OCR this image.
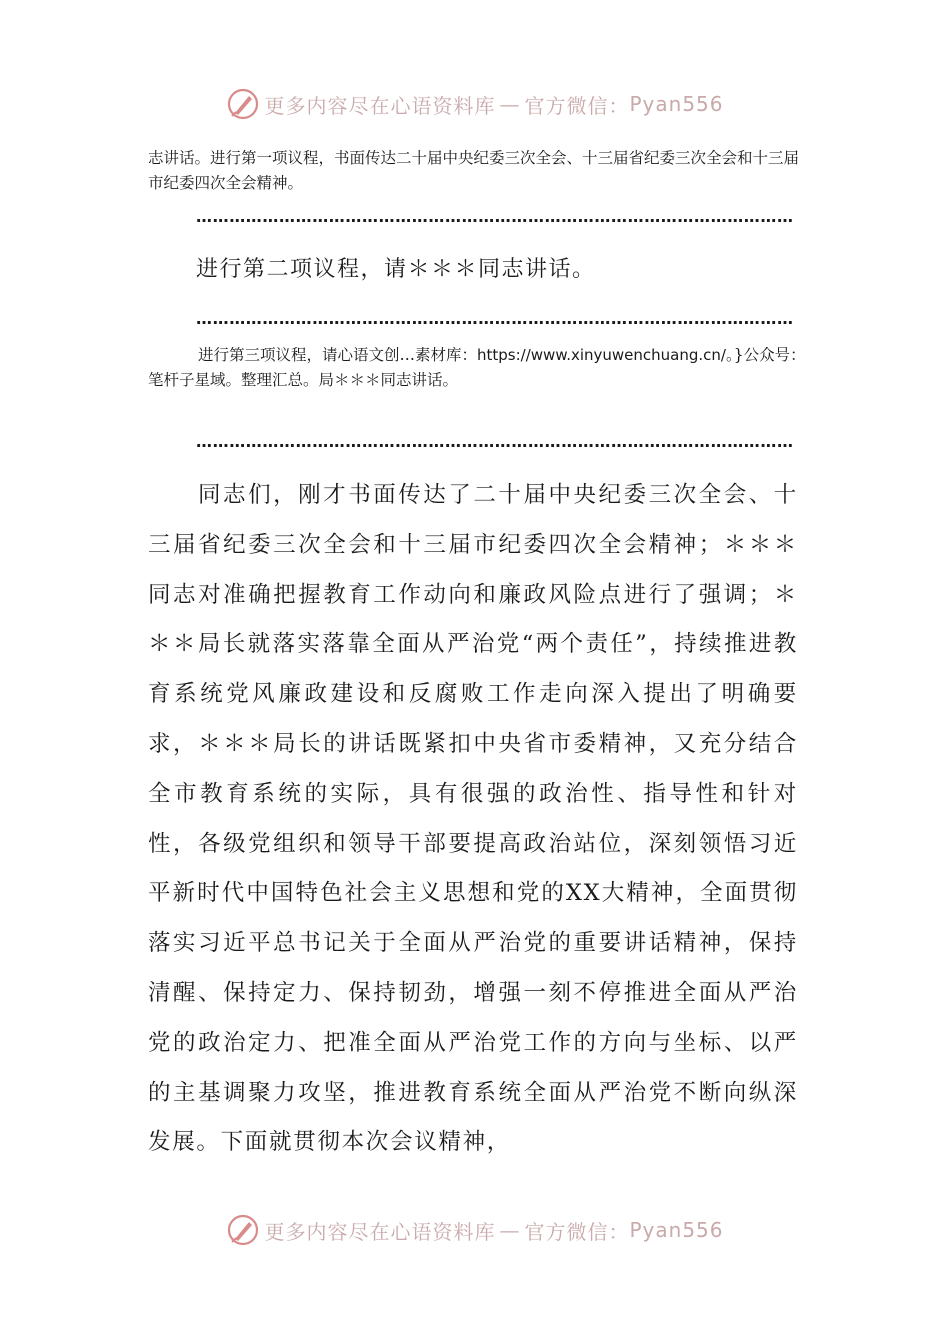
更多内容尽在心语资料库 — 官方微信： Pyan556
志讲话。进行第一项议程，书面传达二十届中央纪委三次全会、十三届省纪委三次全会和十三届市纪委四次全会精神。
………………………………………………………………………………………………
进行第二项议程，请＊＊＊同志讲话。
………………………………………………………………………………………………
进行第三项议程，请心语文创…素材库：https://www.xinyuwenchuang.cn/。}公众号：笔杆子星域。整理汇总。局＊＊＊同志讲话。
………………………………………………………………………………………………
同志们，刚才书面传达了二十届中央纪委三次全会、十三届省纪委三次全会和十三届市纪委四次全会精神；＊＊＊同志对准确把握教育工作动向和廉政风险点进行了强调；＊＊＊局长就落实落靠全面从严治党“两个责任”，持续推进教育系统党风廉政建设和反腐败工作走向深入提出了明确要求，＊＊＊局长的讲话既紧扣中央省市委精神，又充分结合全市教育系统的实际，具有很强的政治性、指导性和针对性，各级党组织和领导干部要提高政治站位，深刻领悟习近平新时代中国特色社会主义思想和党的XX大精神，全面贯彻落实习近平总书记关于全面从严治党的重要讲话精神，保持清醒、保持定力、保持韧劲，增强一刻不停推进全面从严治党的政治定力、把准全面从严治党工作的方向与坐标、以严的主基调聚力攻坚，推进教育系统全面从严治党不断向纵深发展。下面就贯彻本次会议精神，
更多内容尽在心语资料库 — 官方微信： Pyan556
